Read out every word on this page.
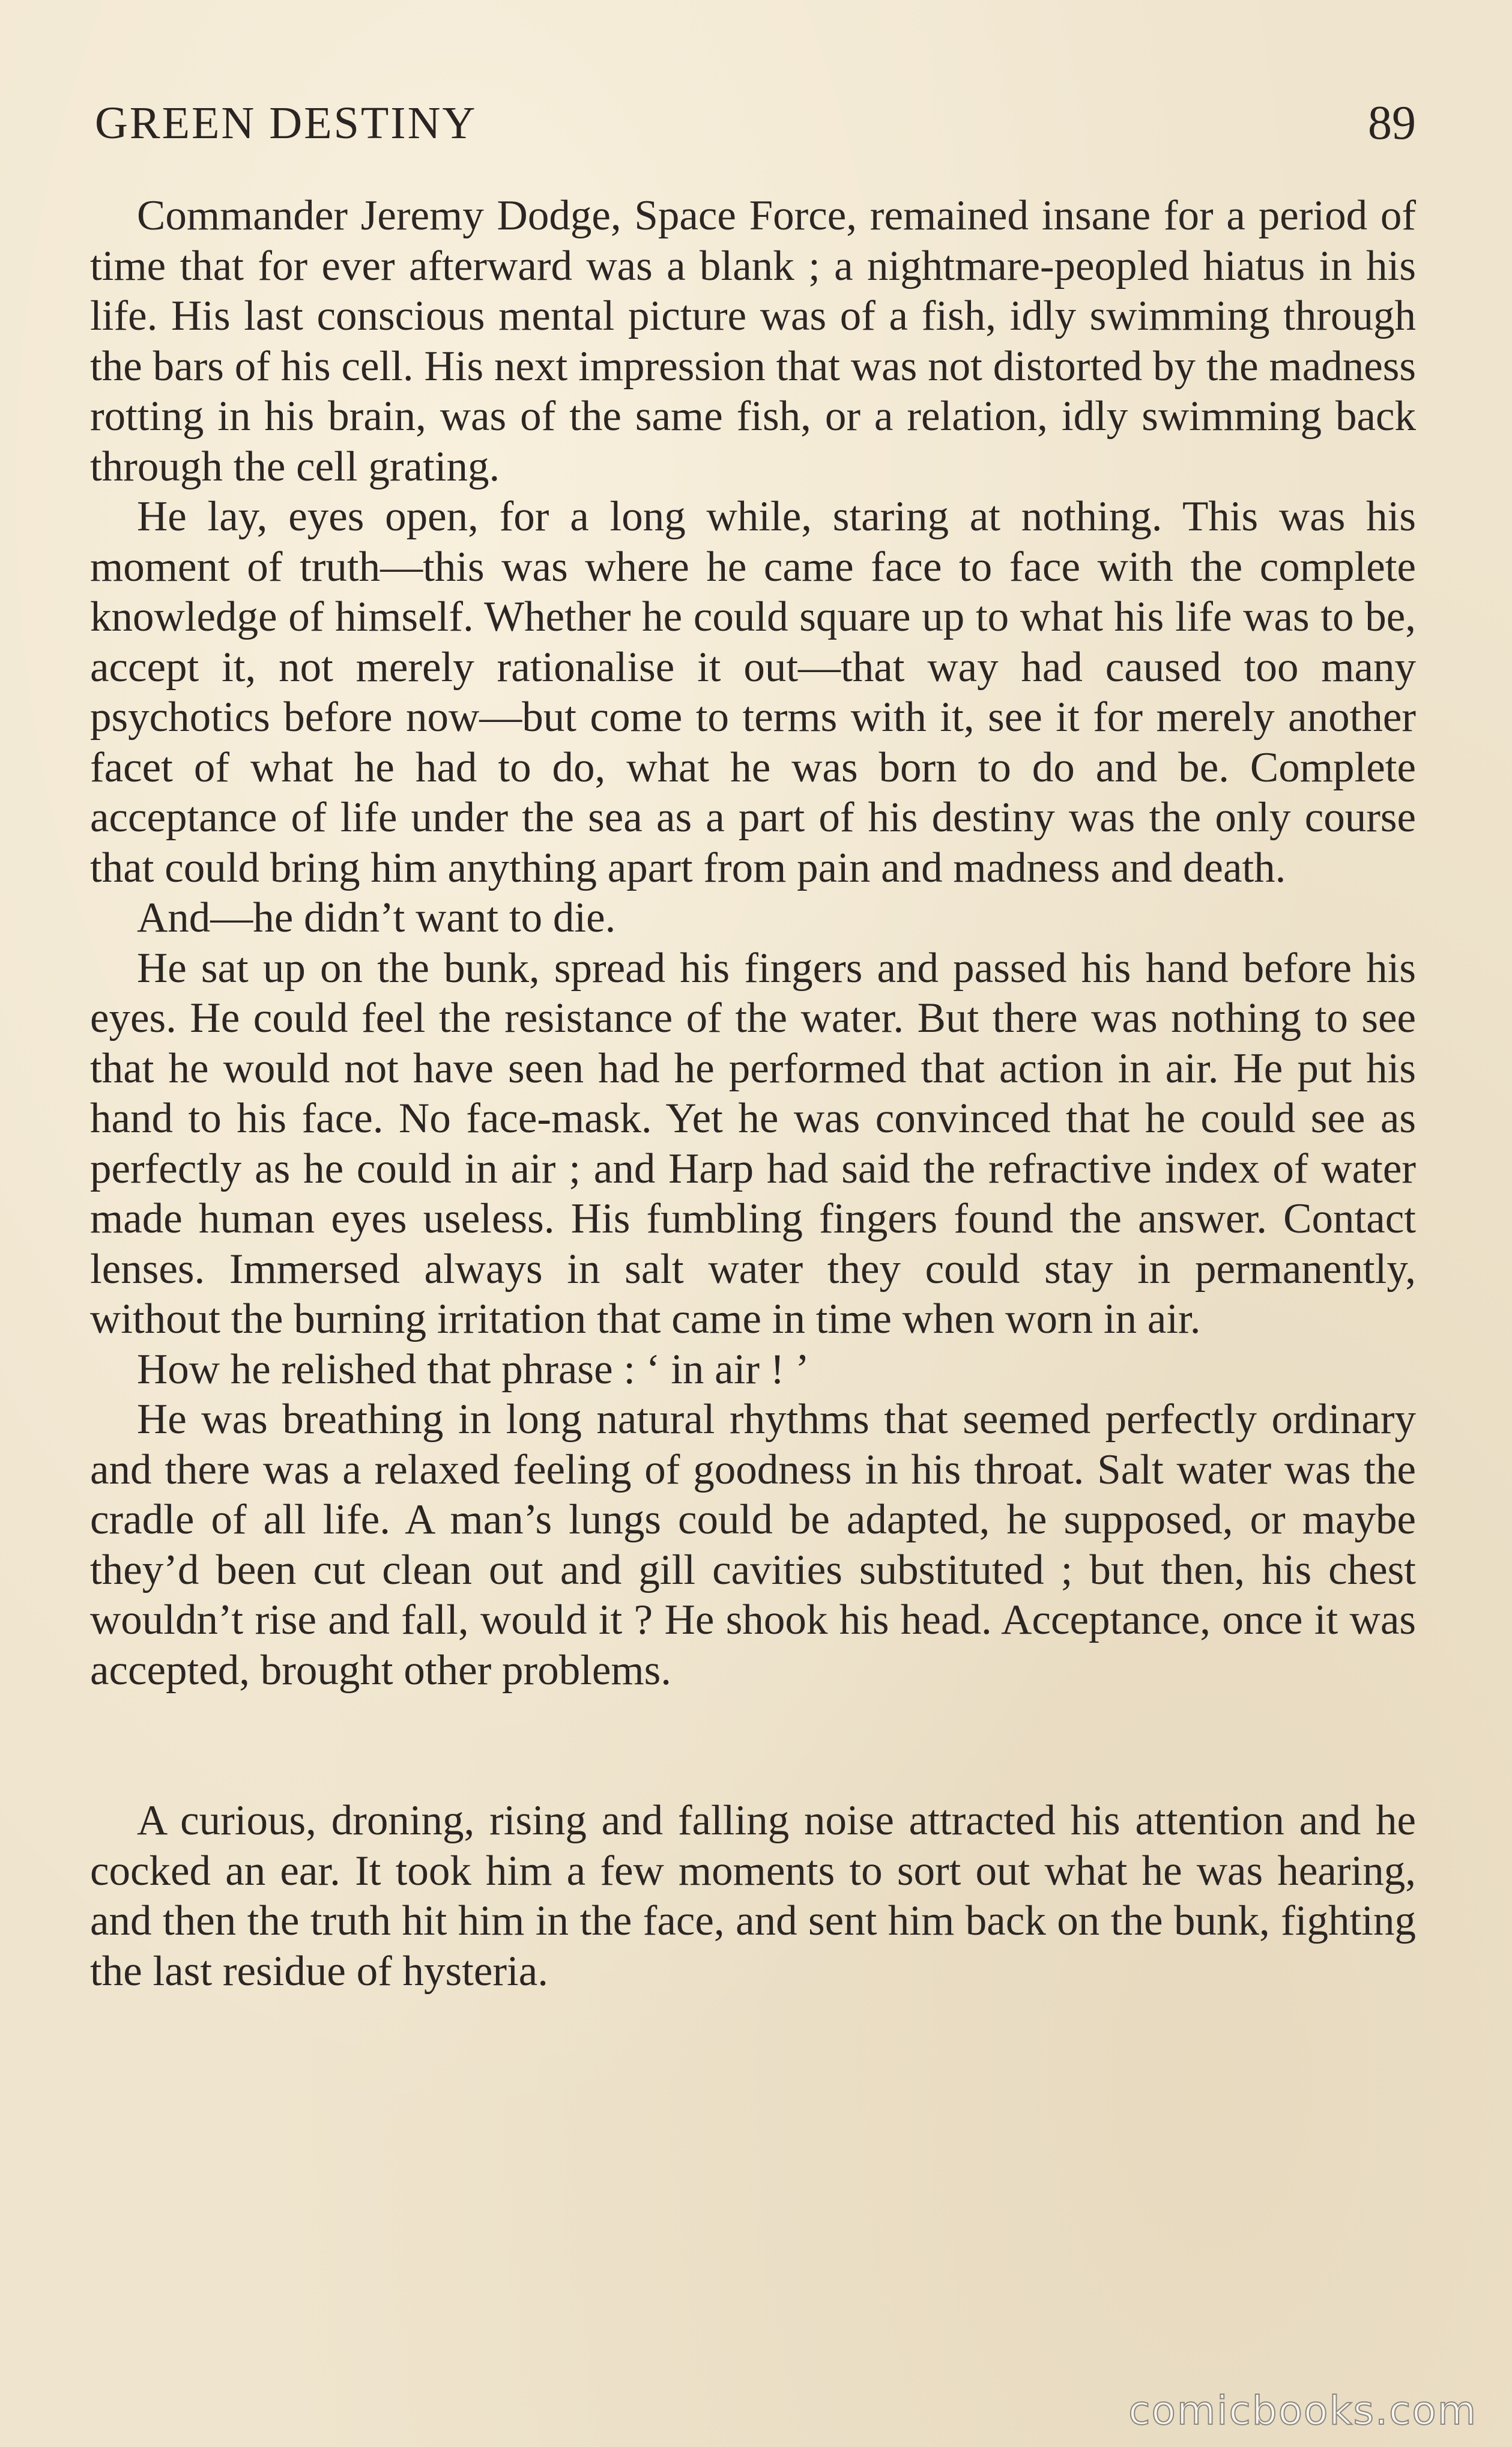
GREEN DESTINY	89

Commander Jeremy Dodge, Space Force, remained insane for a period of time that for ever afterward was a blank ; a nightmare-peopled hiatus in his life. His last conscious mental picture was of a fish, idly swimming through the bars of his cell. His next impression that was not distorted by the madness rotting in his brain, was of the same fish, or a relation, idly swimming back through the cell grating.

He lay, eyes open, for a long while, staring at nothing. This was his moment of truth—this was where he came face to face with the complete knowledge of himself. Whether he could square up to what his life was to be, accept it, not merely rationalise it out—that way had caused too many psychotics before now—but come to terms with it, see it for merely another facet of what he had to do, what he was born to do and be. Complete acceptance of life under the sea as a part of his destiny was the only course that could bring him anything apart from pain and madness and death.

And—he didn’t want to die.

He sat up on the bunk, spread his fingers and passed his hand before his eyes. He could feel the resistance of the water. But there was nothing to see that he would not have seen had he performed that action in air. He put his hand to his face. No face-mask. Yet he was convinced that he could see as perfectly as he could in air ; and Harp had said the refractive index of water made human eyes useless. His fumbling fingers found the answer. Contact lenses. Immersed always in salt water they could stay in permanently, without the burning irritation that came in time when worn in air.

How he relished that phrase : ‘ in air ! ’

He was breathing in long natural rhythms that seemed perfectly ordinary and there was a relaxed feeling of goodness in his throat. Salt water was the cradle of all life. A man’s lungs could be adapted, he supposed, or maybe they’d been cut clean out and gill cavities substituted ; but then, his chest wouldn’t rise and fall, would it ? He shook his head. Acceptance, once it was accepted, brought other problems.

A curious, droning, rising and falling noise attracted his attention and he cocked an ear. It took him a few moments to sort out what he was hearing, and then the truth hit him in the face, and sent him back on the bunk, fighting the last residue of hysteria.

comicbooks.com
